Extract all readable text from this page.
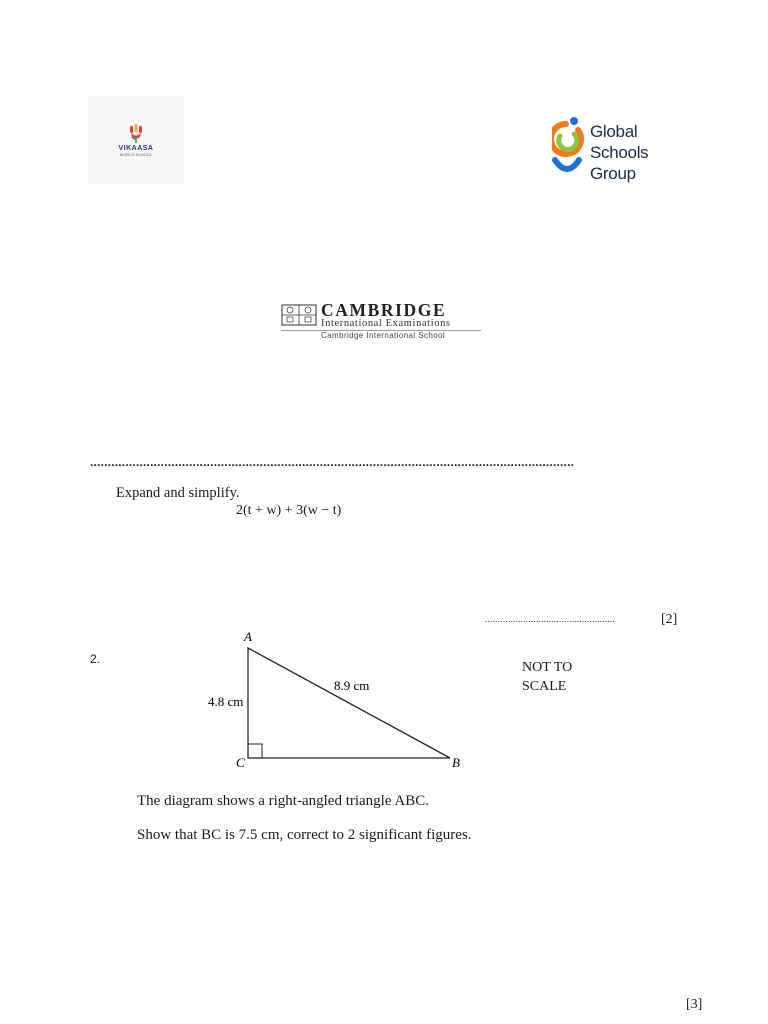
VIKAASA
WORLD SCHOOL
Global
Schools
Group
CAMBRIDGE
International Examinations
Cambridge International School
.........................................................................................................................................
Expand and simplify.
2(t + w) + 3(w − t)
...................................................	[2]
2.
A
C	B
4.8 cm
8.9 cm
NOT TO
SCALE
The diagram shows a right-angled triangle ABC.
Show that BC is 7.5 cm, correct to 2 significant figures.
[3]
